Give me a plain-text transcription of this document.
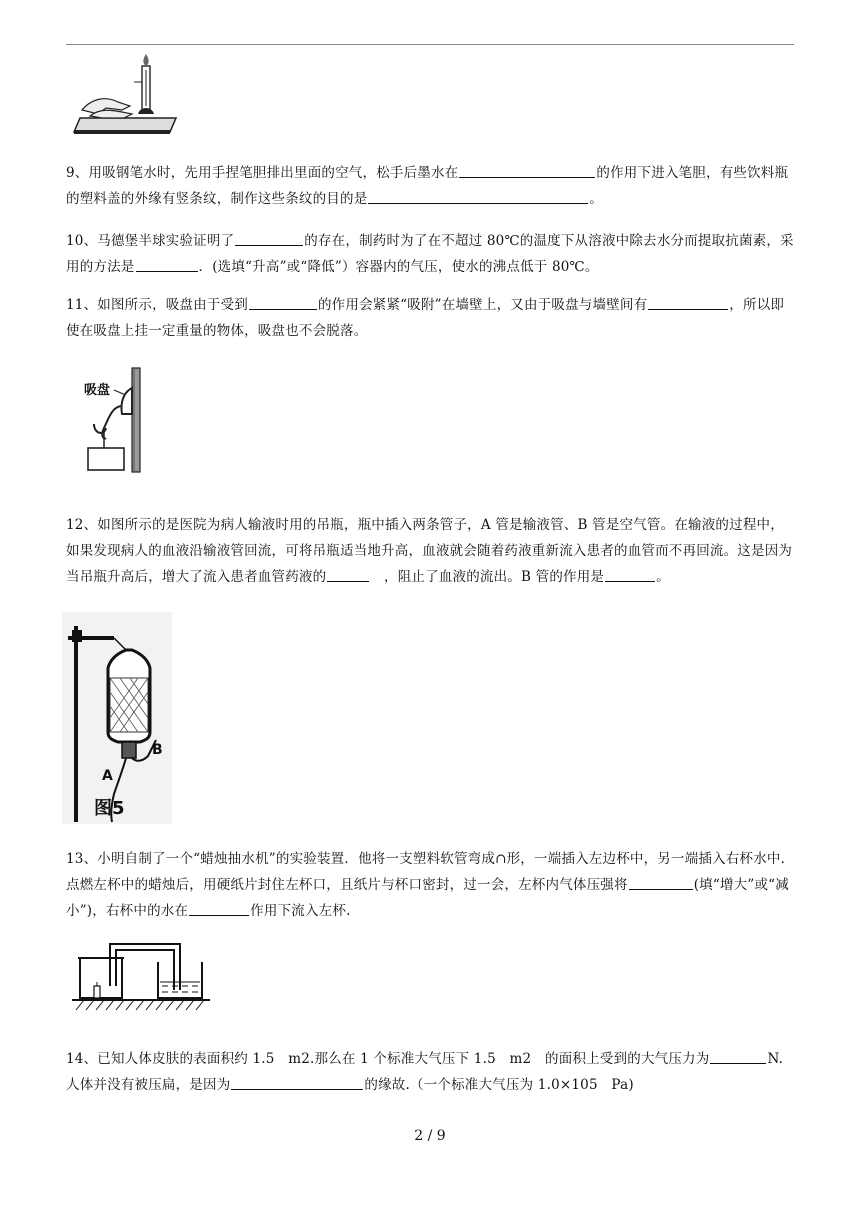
9、用吸钢笔水时，先用手捏笔胆排出里面的空气，松手后墨水在	的作用下进入笔胆，有些饮料瓶的塑料盖的外缘有竖条纹，制作这些条纹的目的是	。
10、马德堡半球实验证明了	的存在，制药时为了在不超过 80℃的温度下从溶液中除去水分而提取抗菌素，采用的方法是	．(选填“升高”或“降低”）容器内的气压，使水的沸点低于 80℃。
11、如图所示，吸盘由于受到	的作用会紧紧“吸附”在墙壁上，又由于吸盘与墙壁间有	，所以即使在吸盘上挂一定重量的物体，吸盘也不会脱落。
吸盘
12、如图所示的是医院为病人输液时用的吊瓶，瓶中插入两条管子，A 管是输液管、B 管是空气管。在输液的过程中，如果发现病人的血液沿输液管回流，可将吊瓶适当地升高，血液就会随着药液重新流入患者的血管而不再回流。这是因为当吊瓶升高后，增大了流入患者血管药液的　	，阻止了血液的流出。B 管的作用是	。
A
B
图5
13、小明自制了一个“蜡烛抽水机”的实验装置．他将一支塑料软管弯成∩形，一端插入左边杯中，另一端插入右杯水中．点燃左杯中的蜡烛后，用硬纸片封住左杯口，且纸片与杯口密封，过一会，左杯内气体压强将	(填“增大”或“减小”)，右杯中的水在	作用下流入左杯.
14、已知人体皮肤的表面积约 1.5　m2.那么在 1 个标准大气压下 1.5　m2　的面积上受到的大气压力为	N.人体并没有被压扁，是因为	的缘故.（一个标准大气压为 1.0×105　Pa)
2 / 9
